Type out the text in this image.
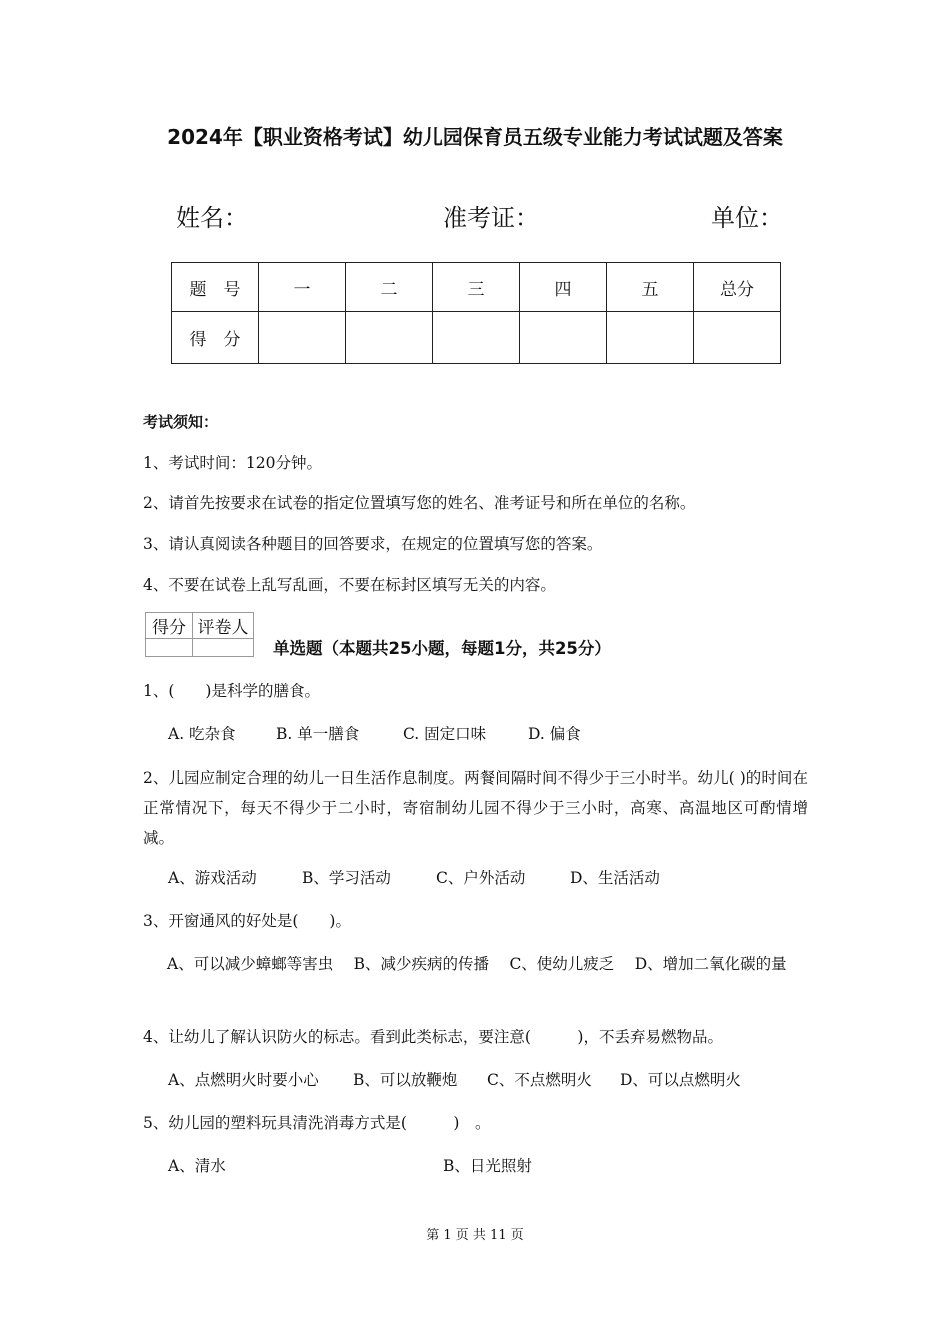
2024年【职业资格考试】幼儿园保育员五级专业能力考试试题及答案
姓名：	准考证：	单位：
题　号	一	二	三	四	五	总分
得　分						
考试须知：
1、考试时间：120分钟。
2、请首先按要求在试卷的指定位置填写您的姓名、准考证号和所在单位的名称。
3、请认真阅读各种题目的回答要求，在规定的位置填写您的答案。
4、不要在试卷上乱写乱画，不要在标封区填写无关的内容。
得分	评卷人

单选题（本题共25小题，每题1分，共25分）
1、(　　)是科学的膳食。
A. 吃杂食	B. 单一膳食	C. 固定口味	D. 偏食
2、儿园应制定合理的幼儿一日生活作息制度。两餐间隔时间不得少于三小时半。幼儿( )的时间在正常情况下，每天不得少于二小时，寄宿制幼儿园不得少于三小时，高寒、高温地区可酌情增减。
A、游戏活动	B、学习活动	C、户外活动	D、生活活动
3、开窗通风的好处是(　　)。
A、可以减少蟑螂等害虫　 B、减少疾病的传播　 C、使幼儿疲乏　 D、增加二氧化碳的量
4、让幼儿了解认识防火的标志。看到此类标志，要注意(　　　)，不丢弃易燃物品。
A、点燃明火时要小心 B、可以放鞭炮 C、不点燃明火 D、可以点燃明火
5、幼儿园的塑料玩具清洗消毒方式是(　　　)　。
A、清水	B、日光照射
第 1 页 共 11 页
